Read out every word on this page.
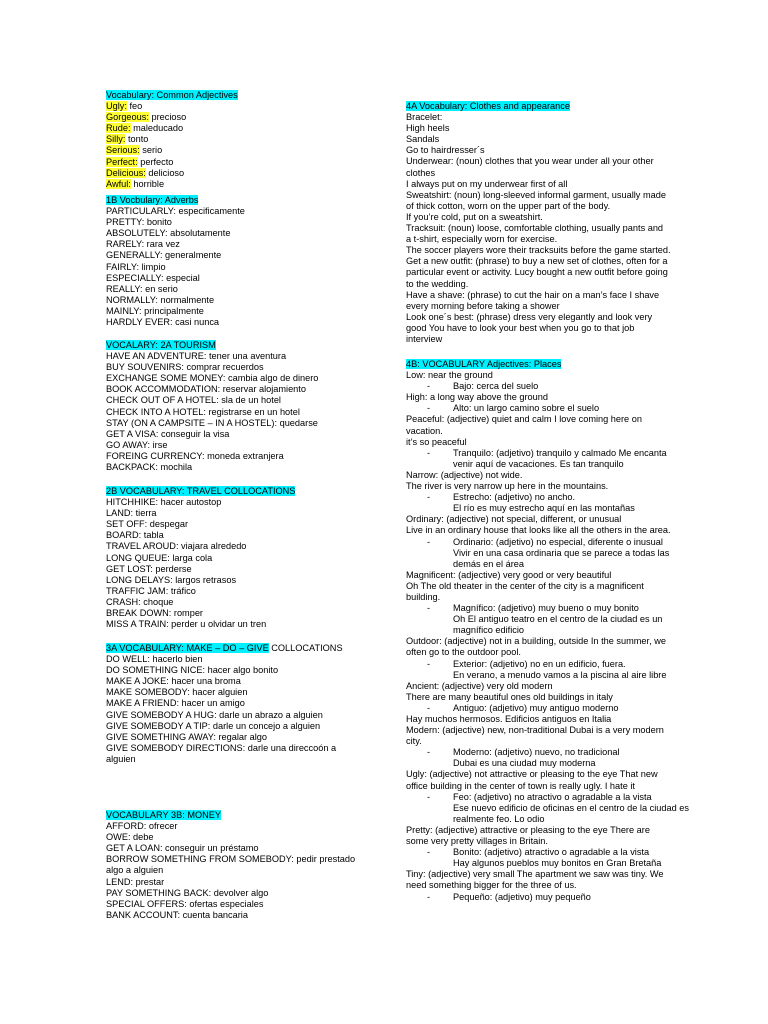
Vocabulary: Common Adjectives
Ugly: feo
Gorgeous: precioso
Rude: maleducado
Silly: tonto
Serious: serio
Perfect: perfecto
Delicious: delicioso
Awful: horrible
1B Vocbulary: Adverbs
PARTICULARLY: especificamente
PRETTY: bonito
ABSOLUTELY: absolutamente
RARELY: rara vez
GENERALLY: generalmente
FAIRLY: limpio
ESPECIALLY: especial
REALLY: en serio
NORMALLY: normalmente
MAINLY: principalmente
HARDLY EVER: casi nunca
VOCALARY: 2A TOURISM
HAVE AN ADVENTURE: tener una aventura
BUY SOUVENIRS: comprar recuerdos
EXCHANGE SOME MONEY: cambia algo de dinero
BOOK ACCOMMODATION: reservar alojamiento
CHECK OUT OF A HOTEL: sla de un hotel
CHECK INTO A HOTEL: registrarse en un hotel
STAY (ON A CAMPSITE – IN A HOSTEL): quedarse
GET A VISA: conseguir la visa
GO AWAY: irse
FOREING CURRENCY: moneda extranjera
BACKPACK: mochila
2B VOCABULARY: TRAVEL COLLOCATIONS
HITCHHIKE: hacer autostop
LAND: tierra
SET OFF: despegar
BOARD: tabla
TRAVEL AROUD: viajara alrededo
LONG QUEUE: larga cola
GET LOST: perderse
LONG DELAYS: largos retrasos
TRAFFIC JAM: tráfico
CRASH: choque
BREAK DOWN: romper
MISS A TRAIN: perder u olvidar un tren
3A VOCABULARY: MAKE – DO – GIVE COLLOCATIONS
DO WELL: hacerlo bien
DO SOMETHING NICE: hacer algo bonito
MAKE A JOKE: hacer una broma
MAKE SOMEBODY: hacer alguien
MAKE A FRIEND: hacer un amigo
GIVE SOMEBODY A HUG: darle un abrazo a alguien
GIVE SOMEBODY A TIP: darle un concejo a alguien
GIVE SOMETHING AWAY: regalar algo
GIVE SOMEBODY DIRECTIONS: darle una direccoón a
alguien
VOCABULARY 3B: MONEY
AFFORD: ofrecer
OWE: debe
GET A LOAN: conseguir un préstamo
BORROW SOMETHING FROM SOMEBODY: pedir prestado
algo a alguien
LEND: prestar
PAY SOMETHING BACK: devolver algo
SPECIAL OFFERS: ofertas especiales
BANK ACCOUNT: cuenta bancaria
4A Vocabulary: Clothes and appearance
Bracelet:
High heels
Sandals
Go to hairdresser´s
Underwear: (noun) clothes that you wear under all your other
clothes
I always put on my underwear first of all
Sweatshirt: (noun) long-sleeved informal garment, usually made
of thick cotton, worn on the upper part of the body.
If you’re cold, put on a sweatshirt.
Tracksuit: (noun) loose, comfortable clothing, usually pants and
a t-shirt, especially worn for exercise.
The soccer players wore their tracksuits before the game started.
Get a new outfit: (phrase) to buy a new set of clothes, often for a
particular event or activity. Lucy bought a new outfit before going
to the wedding.
Have a shave: (phrase) to cut the hair on a man’s face I shave
every morning before taking a shower
Look one´s best: (phrase) dress very elegantly and look very
good You have to look your best when you go to that job
interview
4B: VOCABULARY Adjectives: Places
Low: near the ground
- Bajo: cerca del suelo
High: a long way above the ground
- Alto: un largo camino sobre el suelo
Peaceful: (adjective) quiet and calm I love coming here on
vacation.
it’s so peaceful
- Tranquilo: (adjetivo) tranquilo y calmado Me encanta
venir aquí de vacaciones. Es tan tranquilo
Narrow: (adjective) not wide.
The river is very narrow up here in the mountains.
- Estrecho: (adjetivo) no ancho.
El río es muy estrecho aquí en las montañas
Ordinary: (adjective) not special, different, or unusual
Live in an ordinary house that looks like all the others in the area.
- Ordinario: (adjetivo) no especial, diferente o inusual
Vivir en una casa ordinaria que se parece a todas las
demás en el área
Magnificent: (adjective) very good or very beautiful
Oh The old theater in the center of the city is a magnificent
building.
- Magnífico: (adjetivo) muy bueno o muy bonito
Oh El antiguo teatro en el centro de la ciudad es un
magnífico edificio
Outdoor: (adjective) not in a building, outside In the summer, we
often go to the outdoor pool.
- Exterior: (adjetivo) no en un edificio, fuera.
En verano, a menudo vamos a la piscina al aire libre
Ancient: (adjective) very old modern
There are many beautiful ones old buildings in italy
- Antiguo: (adjetivo) muy antiguo moderno
Hay muchos hermosos. Edificios antiguos en Italia
Modern: (adjective) new, non-traditional Dubai is a very modern
city.
- Moderno: (adjetivo) nuevo, no tradicional
Dubai es una ciudad muy moderna
Ugly: (adjective) not attractive or pleasing to the eye That new
office building in the center of town is really ugly. I hate it
- Feo: (adjetivo) no atractivo o agradable a la vista
Ese nuevo edificio de oficinas en el centro de la ciudad es
realmente feo. Lo odio
Pretty: (adjective) attractive or pleasing to the eye There are
some very pretty villages in Britain.
- Bonito: (adjetivo) atractivo o agradable a la vista
Hay algunos pueblos muy bonitos en Gran Bretaña
Tiny: (adjective) very small The apartment we saw was tiny. We
need something bigger for the three of us.
- Pequeño: (adjetivo) muy pequeño
